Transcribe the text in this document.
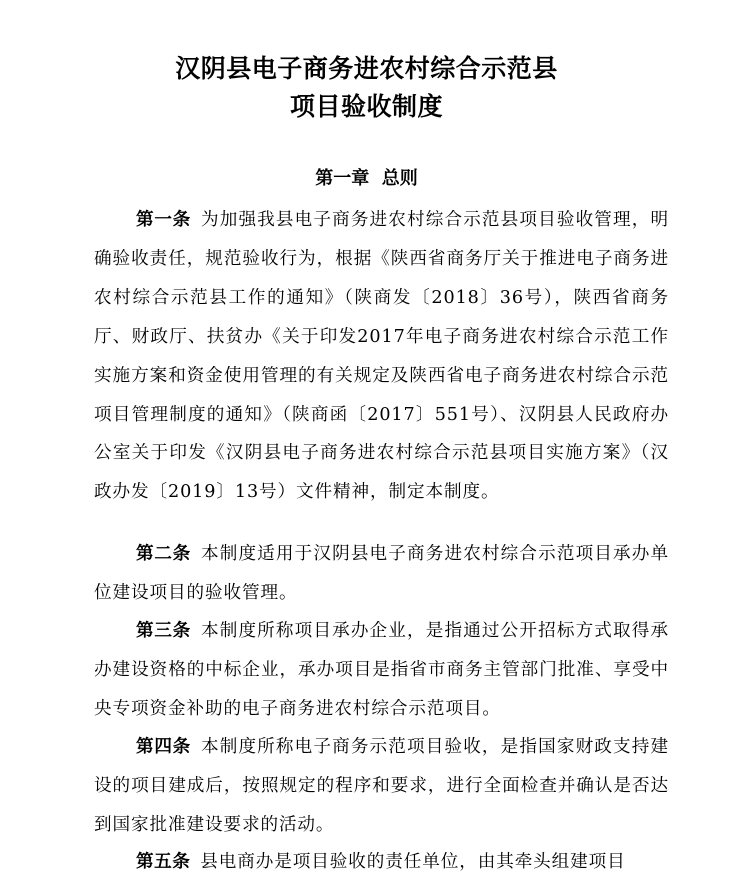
汉阴县电子商务进农村综合示范县
项目验收制度
第一章  总则

第一条 为加强我县电子商务进农村综合示范县项目验收管理，明确验收责任，规范验收行为，根据《陕西省商务厅关于推进电子商务进农村综合示范县工作的通知》（陕商发〔2018〕36号），陕西省商务厅、财政厅、扶贫办《关于印发2017年电子商务进农村综合示范工作实施方案和资金使用管理的有关规定及陕西省电子商务进农村综合示范项目管理制度的通知》（陕商函〔2017〕551号）、汉阴县人民政府办公室关于印发《汉阴县电子商务进农村综合示范县项目实施方案》（汉政办发〔2019〕13号）文件精神，制定本制度。

第二条 本制度适用于汉阴县电子商务进农村综合示范项目承办单位建设项目的验收管理。

第三条 本制度所称项目承办企业，是指通过公开招标方式取得承办建设资格的中标企业，承办项目是指省市商务主管部门批准、享受中央专项资金补助的电子商务进农村综合示范项目。

第四条 本制度所称电子商务示范项目验收，是指国家财政支持建设的项目建成后，按照规定的程序和要求，进行全面检查并确认是否达到国家批准建设要求的活动。

第五条 县电商办是项目验收的责任单位，由其牵头组建项目
